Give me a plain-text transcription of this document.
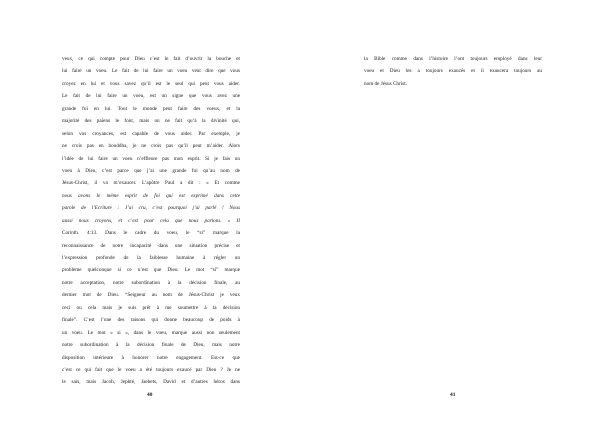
veux, ce qui compte pour Dieu c’est le fait d’ouvrir la bouche et
lui faire un voeu. Le fait de lui faire un voeu veut dire que vous
croyez en lui et vous savez qu’il est le seul qui peut vous aider.
Le fait de lui faire un voeu, est un signe que vous avez une
grande foi en lui. Tout le monde peut faire des voeux, et la
majorité des païens le font, mais on ne fait qu’à la divinité qui,
selon vos croyances, est capable de vous aider. Par exemple, je
ne crois pas en bouddha, je ne crois pas qu’il peut m’aider. Alors
l’idée de lui faire un voeu n’effleure pas mon esprit. Si je fais un
voeu à Dieu, c’est parce que j’ai une grande foi qu’au nom de
Jésus-Christ, il va m’exaucer. L’apôtre Paul a dit : « Et comme
nous avons le même esprit de foi qui est exprimé dans cette
parole de l’Ecriture : J’ai cru, c’est pourquoi j’ai parlé ! Nous
aussi nous croyons, et c’est pour cela que nous parlons. » II
Corinth. 4:13. Dans le cadre du voeu, le “si” marque la
reconnaissance de notre incapacité dans une situation précise et
l’expression profonde de la faiblesse humaine à régler un
problème quelconque si ce n’est que Dieu. Le mot “si” marque
notre acceptation, notre subordination à la décision finale, au
dernier mot de Dieu. “Seigneur au nom de Jésus-Christ je veux
ceci ou cela mais je suis prêt à me soumettre à ta décision
finale”. C’est l’une des raisons qui donne beaucoup de poids à
un voeu. Le mot « si », dans le voeu, marque aussi non seulement
notre subordination à la décision finale de Dieu, mais notre
disposition intérieure à honorer notre engagement. Est-ce que
c’est ce qui fait que le voeu a été toujours exaucé par Dieu ? Je ne
le sais, mais Jacob, Jephté, Jaebets, David et d’autres héros dans
40
la Bible comme dans l’histoire l’ont toujours employé dans leur
voeu et Dieu les a toujours exaucés et il exaucera toujours au
nom de Jésus Christ.
41
